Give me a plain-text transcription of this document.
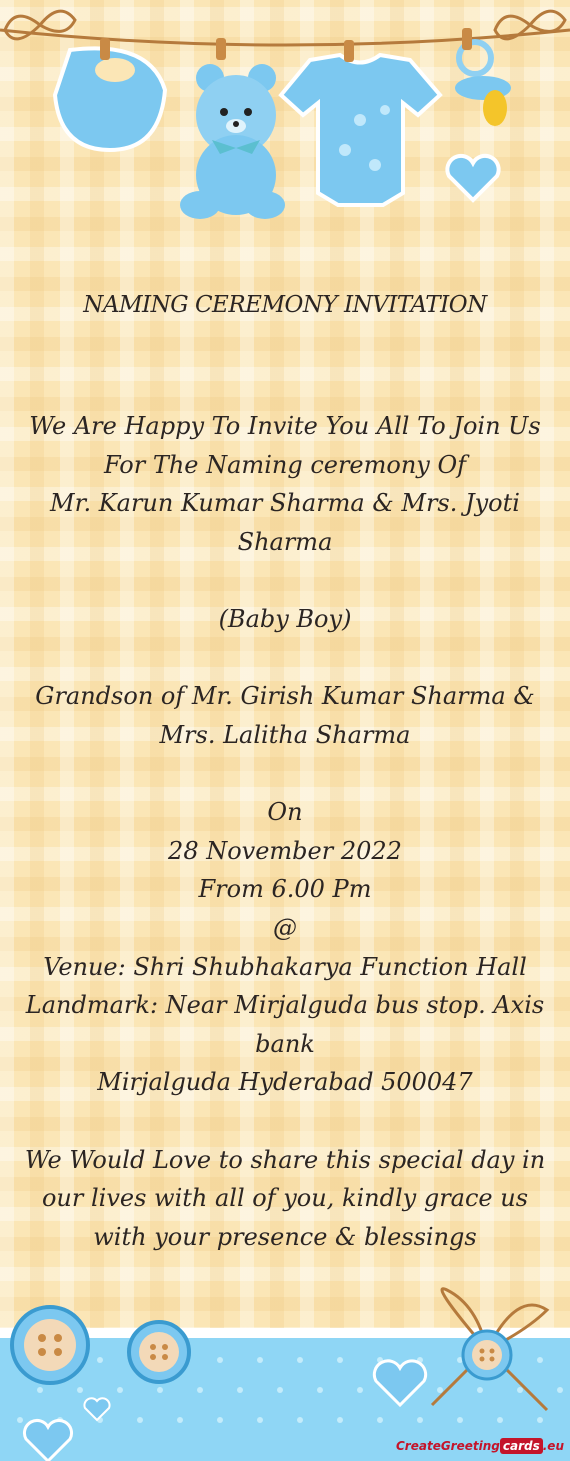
NAMING CEREMONY INVITATION

We Are Happy To Invite You All To Join Us

For The Naming ceremony Of

Mr. Karun Kumar Sharma & Mrs. Jyoti

Sharma

(Baby Boy)

Grandson of Mr. Girish Kumar Sharma &

Mrs. Lalitha Sharma

On

28 November 2022

From 6.00 Pm

@

Venue: Shri Shubhakarya Function Hall

Landmark: Near Mirjalguda bus stop. Axis

bank

Mirjalguda Hyderabad 500047

We Would Love to share this special day in

our lives with all of you, kindly grace us

with your presence & blessings

CreateGreeting cards .eu
